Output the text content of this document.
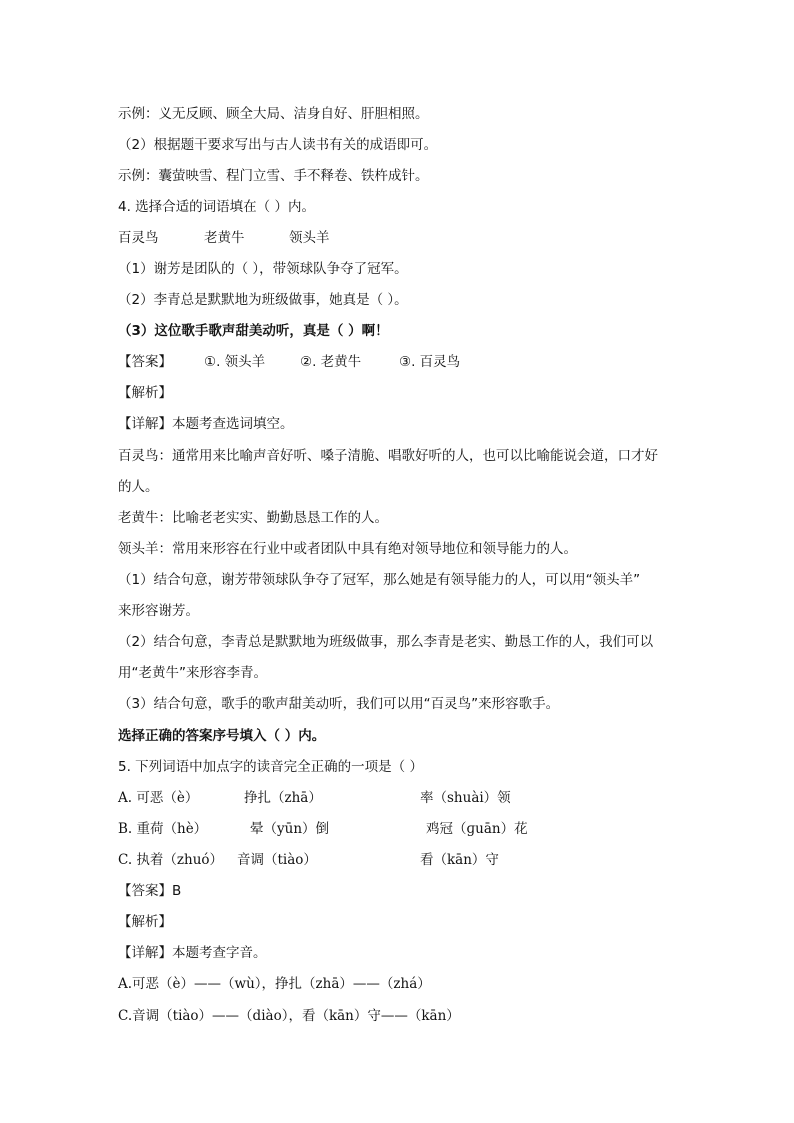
示例：义无反顾、顾全大局、洁身自好、肝胆相照。
（2）根据题干要求写出与古人读书有关的成语即可。
示例：囊萤映雪、程门立雪、手不释卷、铁杵成针。
4. 选择合适的词语填在（ ）内。
百灵鸟	老黄牛	领头羊
（1）谢芳是团队的（ ），带领球队争夺了冠军。
（2）李青总是默默地为班级做事，她真是（ ）。
（3）这位歌手歌声甜美动听，真是（ ）啊！
【答案】 ①. 领头羊	②. 老黄牛	③. 百灵鸟
【解析】
【详解】本题考查选词填空。
百灵鸟：通常用来比喻声音好听、嗓子清脆、唱歌好听的人，也可以比喻能说会道，口才好
的人。
老黄牛：比喻老老实实、勤勤恳恳工作的人。
领头羊：常用来形容在行业中或者团队中具有绝对领导地位和领导能力的人。
（1）结合句意，谢芳带领球队争夺了冠军，那么她是有领导能力的人，可以用“领头羊”
来形容谢芳。
（2）结合句意，李青总是默默地为班级做事，那么李青是老实、勤恳工作的人，我们可以
用“老黄牛”来形容李青。
（3）结合句意，歌手的歌声甜美动听，我们可以用“百灵鸟”来形容歌手。
选择正确的答案序号填入（ ）内。
5. 下列词语中加点字的读音完全正确的一项是（ ）
A. 可恶（è）	挣扎（zhā）	率（shuài）领
B. 重荷（hè）	晕（yūn）倒	鸡冠（ɡuān）花
C. 执着（zhuó） 音调（tiào）	看（kān）守
【答案】B
【解析】
【详解】本题考查字音。
A.可恶（è）——（wù），挣扎（zhā）——（zhá）
C.音调（tiào）——（diào），看（kān）守——（kān）
